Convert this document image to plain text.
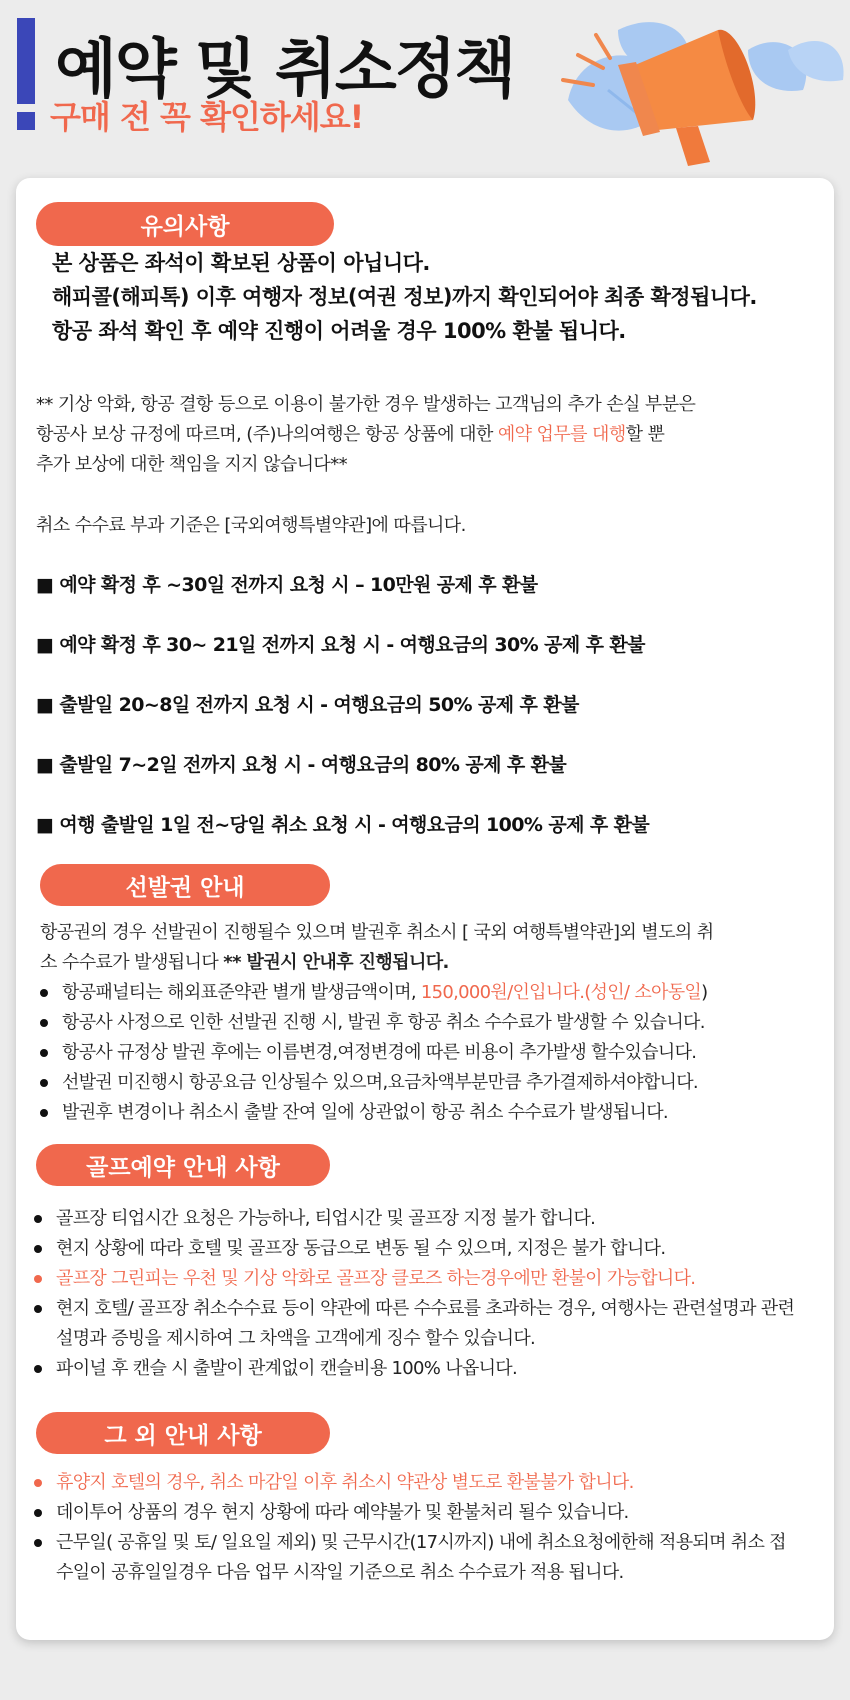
예약 및 취소정책
구매 전 꼭 확인하세요!
유의사항
본 상품은 좌석이 확보된 상품이 아닙니다.
해피콜(해피톡) 이후 여행자 정보(여권 정보)까지 확인되어야 최종 확정됩니다.
항공 좌석 확인 후 예약 진행이 어려울 경우 100% 환불 됩니다.
** 기상 악화, 항공 결항 등으로 이용이 불가한 경우 발생하는 고객님의 추가 손실 부분은
항공사 보상 규정에 따르며, (주)나의여행은 항공 상품에 대한 예약 업무를 대행할 뿐
추가 보상에 대한 책임을 지지 않습니다**
취소 수수료 부과 기준은 [국외여행특별약관]에 따릅니다.
■ 예약 확정 후 ~30일 전까지 요청 시 – 10만원 공제 후 환불
■ 예약 확정 후 30~ 21일 전까지 요청 시 - 여행요금의 30% 공제 후 환불
■ 출발일 20~8일 전까지 요청 시 - 여행요금의 50% 공제 후 환불
■ 출발일 7~2일 전까지 요청 시 - 여행요금의 80% 공제 후 환불
■ 여행 출발일 1일 전~당일 취소 요청 시 - 여행요금의 100% 공제 후 환불
선발권 안내
항공권의 경우 선발권이 진행될수 있으며 발권후 취소시 [ 국외 여행특별약관]외 별도의 취
소 수수료가 발생됩니다 ** 발권시 안내후 진행됩니다.
항공패널티는 해외표준약관 별개 발생금액이며, 150,000원/인입니다.(성인/ 소아동일)
항공사 사정으로 인한 선발권 진행 시, 발권 후 항공 취소 수수료가 발생할 수 있습니다.
항공사 규정상 발권 후에는 이름변경,여정변경에 따른 비용이 추가발생 할수있습니다.
선발권 미진행시 항공요금 인상될수 있으며,요금차액부분만큼 추가결제하셔야합니다.
발권후 변경이나 취소시 출발 잔여 일에 상관없이 항공 취소 수수료가 발생됩니다.
골프예약 안내 사항
골프장 티업시간 요청은 가능하나, 티업시간 및 골프장 지정 불가 합니다.
현지 상황에 따라 호텔 및 골프장 동급으로 변동 될 수 있으며, 지정은 불가 합니다.
골프장 그린피는 우천 및 기상 악화로 골프장 클로즈 하는경우에만 환불이 가능합니다.
현지 호텔/ 골프장 취소수수료 등이 약관에 따른 수수료를 초과하는 경우, 여행사는 관련설명과 관련설명과 증빙을 제시하여 그 차액을 고객에게 징수 할수 있습니다.
파이널 후 캔슬 시 출발이 관계없이 캔슬비용 100% 나옵니다.
그 외 안내 사항
휴양지 호텔의 경우, 취소 마감일 이후 취소시 약관상 별도로 환불불가 합니다.
데이투어 상품의 경우 현지 상황에 따라 예약불가 및 환불처리 될수 있습니다.
근무일( 공휴일 및 토/ 일요일 제외) 및 근무시간(17시까지) 내에 취소요청에한해 적용되며 취소 접수일이 공휴일일경우 다음 업무 시작일 기준으로 취소 수수료가 적용 됩니다.
